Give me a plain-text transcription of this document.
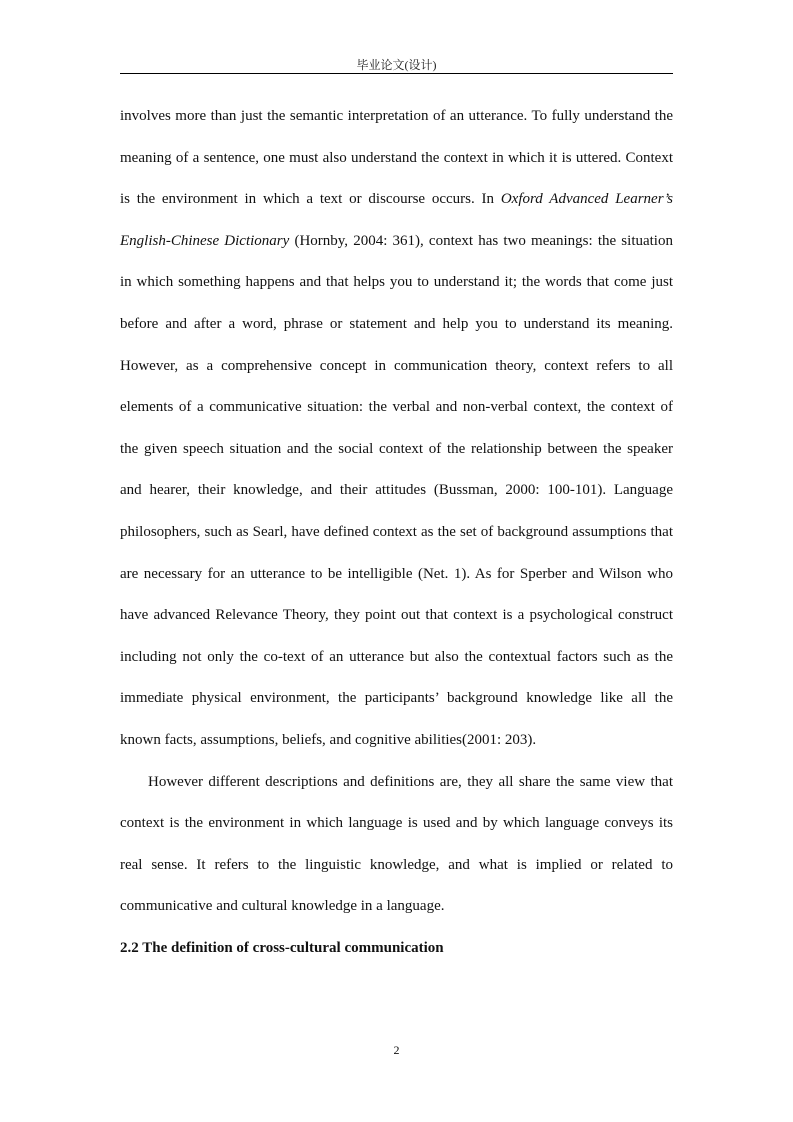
毕业论文(设计)

involves more than just the semantic interpretation of an utterance. To fully understand the meaning of a sentence, one must also understand the context in which it is uttered. Context is the environment in which a text or discourse occurs. In Oxford Advanced Learner’s English-Chinese Dictionary (Hornby, 2004: 361), context has two meanings: the situation in which something happens and that helps you to understand it; the words that come just before and after a word, phrase or statement and help you to understand its meaning. However, as a comprehensive concept in communication theory, context refers to all elements of a communicative situation: the verbal and non-verbal context, the context of the given speech situation and the social context of the relationship between the speaker and hearer, their knowledge, and their attitudes (Bussman, 2000: 100-101). Language philosophers, such as Searl, have defined context as the set of background assumptions that are necessary for an utterance to be intelligible (Net. 1). As for Sperber and Wilson who have advanced Relevance Theory, they point out that context is a psychological construct including not only the co-text of an utterance but also the contextual factors such as the immediate physical environment, the participants’ background knowledge like all the known facts, assumptions, beliefs, and cognitive abilities(2001: 203).

However different descriptions and definitions are, they all share the same view that context is the environment in which language is used and by which language conveys its real sense. It refers to the linguistic knowledge, and what is implied or related to communicative and cultural knowledge in a language.

2.2 The definition of cross-cultural communication

2
